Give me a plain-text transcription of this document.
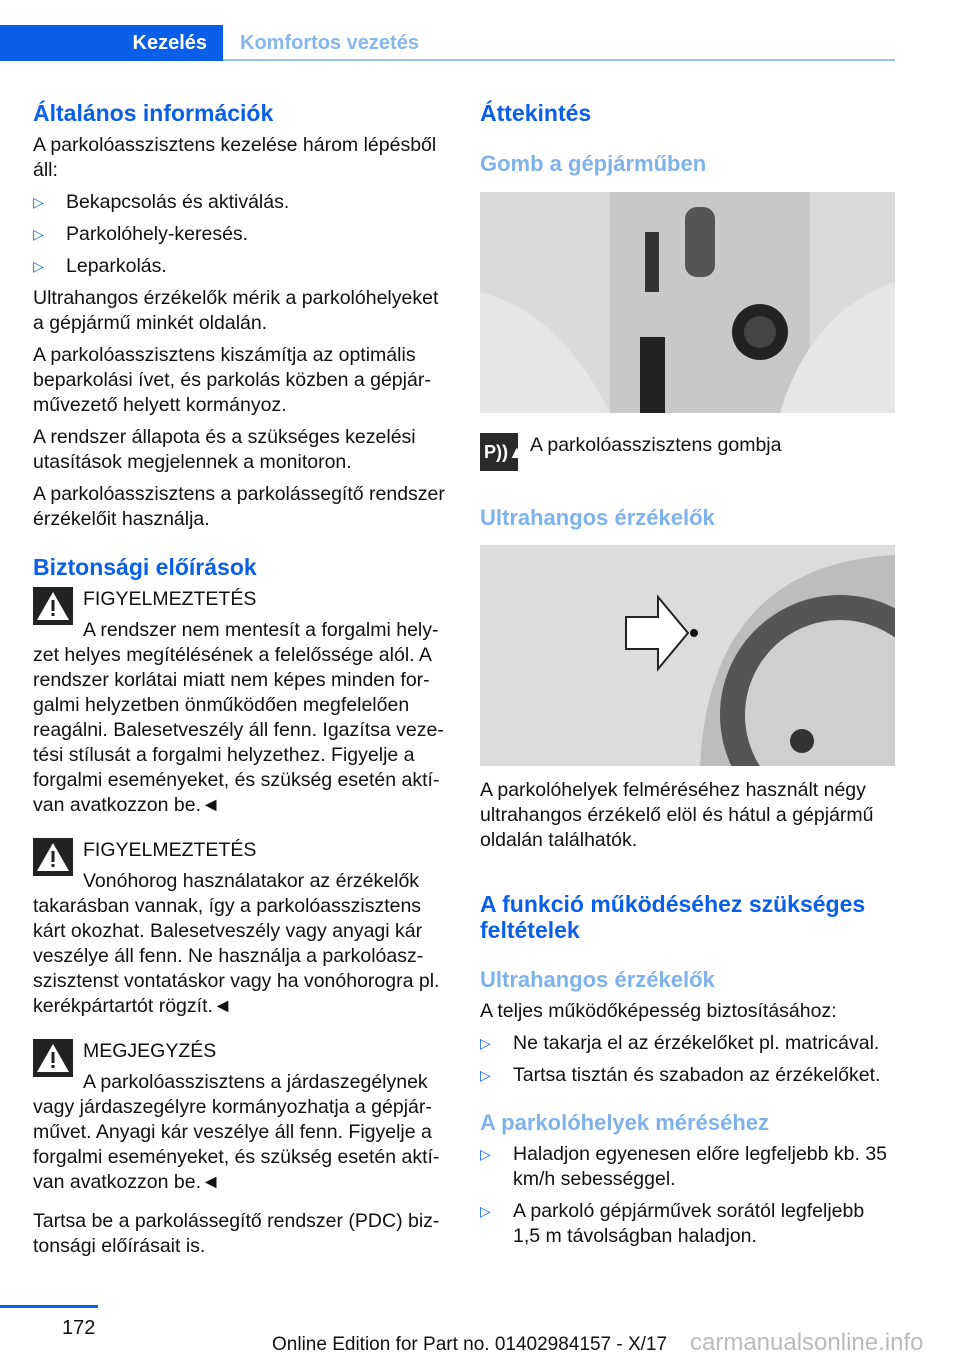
Kezelés Komfortos vezetés
Általános információk

A parkolóasszisztens kezelése három lépésből áll:

▷ Bekapcsolás és aktiválás.
▷ Parkolóhely-keresés.
▷ Leparkolás.

Ultrahangos érzékelők mérik a parkolóhelyeket a gépjármű minkét oldalán.

A parkolóasszisztens kiszámítja az optimális beparkolási ívet, és parkolás közben a gépjárművezető helyett kormányoz.

A rendszer állapota és a szükséges kezelési utasítások megjelennek a monitoron.

A parkolóasszisztens a parkolássegítő rendszer érzékelőit használja.

Biztonsági előírások
FIGYELMEZTETÉS

A rendszer nem mentesít a forgalmi helyzet helyes megítélésének a felelőssége alól. A rendszer korlátai miatt nem képes minden forgalmi helyzetben önműködően megfelelően reagálni. Balesetveszély áll fenn. Igazítsa vezetési stílusát a forgalmi helyzethez. Figyelje a forgalmi eseményeket, és szükség esetén aktívan avatkozzon be.◄

FIGYELMEZTETÉS

Vonóhorog használatakor az érzékelők takarásban vannak, így a parkolóasszisztens kárt okozhat. Balesetveszély vagy anyagi kár veszélye áll fenn. Ne használja a parkolóaszszisztenst vontatáskor vagy ha vonóhorogra pl. kerékpártartót rögzít.◄

MEGJEGYZÉS

A parkolóasszisztens a járdaszegélynek vagy járdaszegélyre kormányozhatja a gépjárművet. Anyagi kár veszélye áll fenn. Figyelje a forgalmi eseményeket, és szükség esetén aktívan avatkozzon be.◄

Tartsa be a parkolássegítő rendszer (PDC) biztonsági előírásait is.

Áttekintés
Gomb a gépjárműben
P))▲ A parkolóasszisztens gombja
Ultrahangos érzékelők

A parkolóhelyek felméréséhez használt négy ultrahangos érzékelő elöl és hátul a gépjármű oldalán találhatók.

A funkció működéséhez szükséges feltételek
Ultrahangos érzékelők

A teljes működőképesség biztosításához:

▷ Ne takarja el az érzékelőket pl. matricával.
▷ Tartsa tisztán és szabadon az érzékelőket.
A parkolóhelyek méréséhez
▷ Haladjon egyenesen előre legfeljebb kb. 35 km/h sebességgel.
▷ A parkoló gépjárművek sorától legfeljebb 1,5 m távolságban haladjon.
172
Online Edition for Part no. 01402984157 - X/17 carmanualsonline.info
